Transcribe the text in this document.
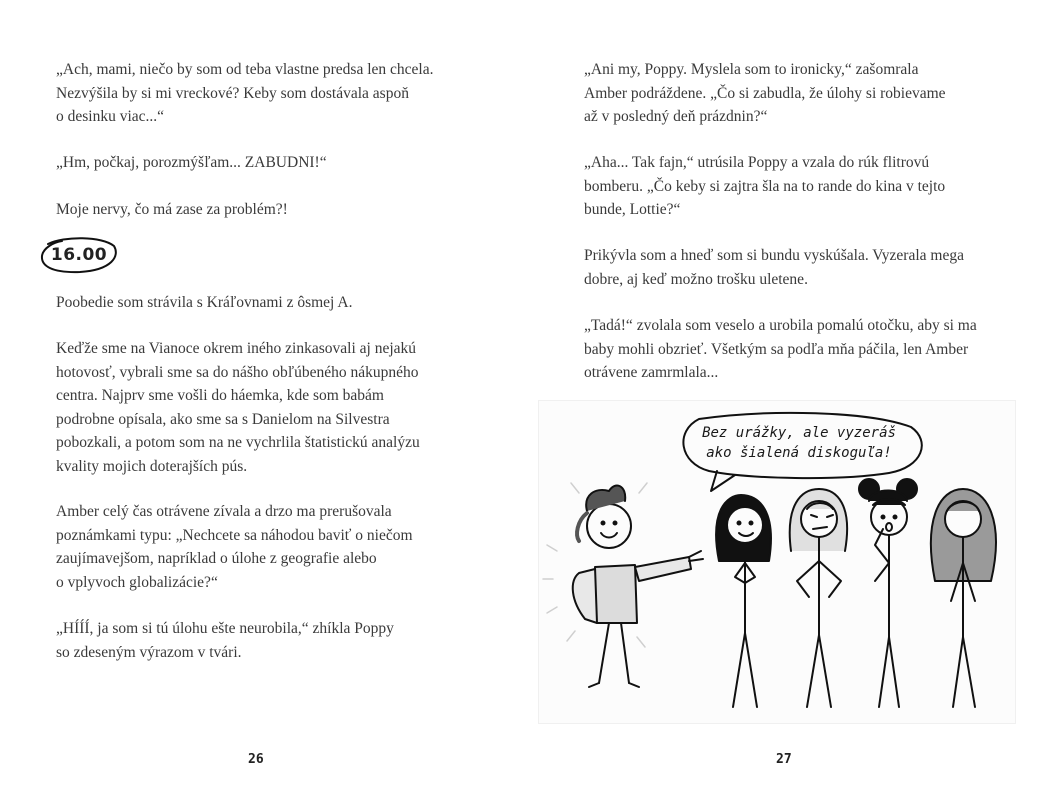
„Ach, mami, niečo by som od teba vlastne predsa len chcela.
Nezvýšila by si mi vreckové? Keby som dostávala aspoň
o desinku viac...“

„Hm, počkaj, porozmýšľam... ZABUDNI!“

Moje nervy, čo má zase za problém?!

16.00

Poobedie som strávila s Kráľovnami z ôsmej A.

Keďže sme na Vianoce okrem iného zinkasovali aj nejakú
hotovosť, vybrali sme sa do nášho obľúbeného nákupného
centra. Najprv sme vošli do háemka, kde som babám
podrobne opísala, ako sme sa s Danielom na Silvestra
pobozkali, a potom som na ne vychrlila štatistickú analýzu
kvality mojich doterajších pús.

Amber celý čas otrávene zívala a drzo ma prerušovala
poznámkami typu: „Nechcete sa náhodou baviť o niečom
zaujímavejšom, napríklad o úlohe z geografie alebo
o vplyvoch globalizácie?“

„HÍÍÍ, ja som si tú úlohu ešte neurobila,“ zhíkla Poppy
so zdeseným výrazom v tvári.

26

„Ani my, Poppy. Myslela som to ironicky,“ zašomrala
Amber podráždene. „Čo si zabudla, že úlohy si robievame
až v posledný deň prázdnin?“

„Aha... Tak fajn,“ utrúsila Poppy a vzala do rúk flitrovú
bomberu. „Čo keby si zajtra šla na to rande do kina v tejto
bunde, Lottie?“

Prikývla som a hneď som si bundu vyskúšala. Vyzerala mega
dobre, aj keď možno trošku uletene.

„Tadá!“ zvolala som veselo a urobila pomalú otočku, aby si ma
baby mohli obzrieť. Všetkým sa podľa mňa páčila, len Amber
otrávene zamrmlala...

Bez urážky, ale vyzeráš
ako šialená diskoguľa!
27
